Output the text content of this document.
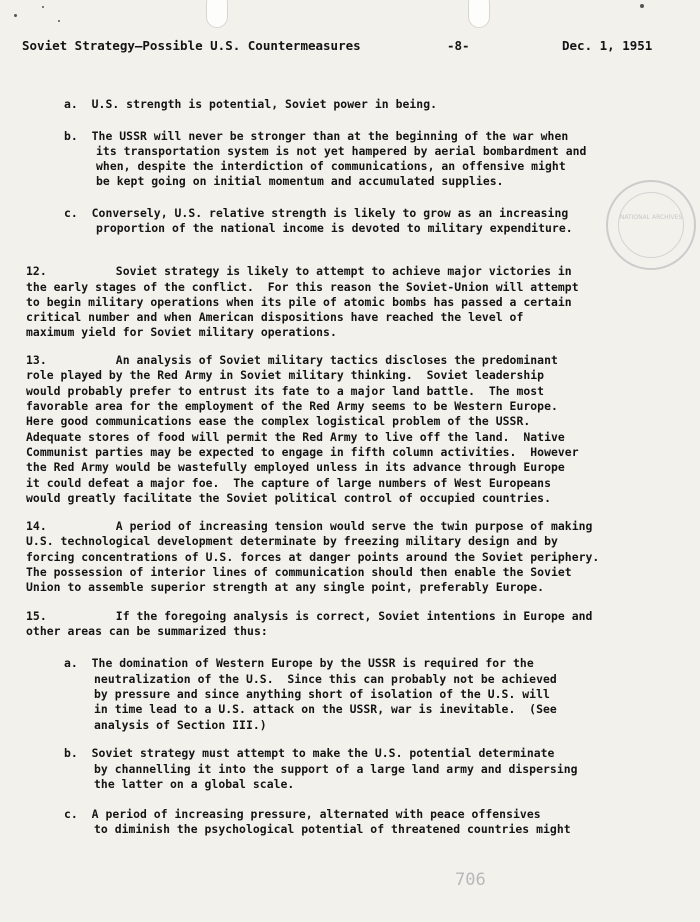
Soviet Strategy—Possible U.S. Countermeasures	-8-	Dec. 1, 1951
a.  U.S. strength is potential, Soviet power in being.
b.  The USSR will never be stronger than at the beginning of the war when
its transportation system is not yet hampered by aerial bombardment and
when, despite the interdiction of communications, an offensive might
be kept going on initial momentum and accumulated supplies.
c.  Conversely, U.S. relative strength is likely to grow as an increasing
proportion of the national income is devoted to military expenditure.
12.          Soviet strategy is likely to attempt to achieve major victories in
the early stages of the conflict.  For this reason the Soviet-Union will attempt
to begin military operations when its pile of atomic bombs has passed a certain
critical number and when American dispositions have reached the level of
maximum yield for Soviet military operations.
13.          An analysis of Soviet military tactics discloses the predominant
role played by the Red Army in Soviet military thinking.  Soviet leadership
would probably prefer to entrust its fate to a major land battle.  The most
favorable area for the employment of the Red Army seems to be Western Europe.
Here good communications ease the complex logistical problem of the USSR.
Adequate stores of food will permit the Red Army to live off the land.  Native
Communist parties may be expected to engage in fifth column activities.  However
the Red Army would be wastefully employed unless in its advance through Europe
it could defeat a major foe.  The capture of large numbers of West Europeans
would greatly facilitate the Soviet political control of occupied countries.
14.          A period of increasing tension would serve the twin purpose of making
U.S. technological development determinate by freezing military design and by
forcing concentrations of U.S. forces at danger points around the Soviet periphery.
The possession of interior lines of communication should then enable the Soviet
Union to assemble superior strength at any single point, preferably Europe.
15.          If the foregoing analysis is correct, Soviet intentions in Europe and
other areas can be summarized thus:
a.  The domination of Western Europe by the USSR is required for the
neutralization of the U.S.  Since this can probably not be achieved
by pressure and since anything short of isolation of the U.S. will
in time lead to a U.S. attack on the USSR, war is inevitable.  (See
analysis of Section III.)
b.  Soviet strategy must attempt to make the U.S. potential determinate
by channelling it into the support of a large land army and dispersing
the latter on a global scale.
c.  A period of increasing pressure, alternated with peace offensives
to diminish the psychological potential of threatened countries might
NATIONAL ARCHIVES
706
